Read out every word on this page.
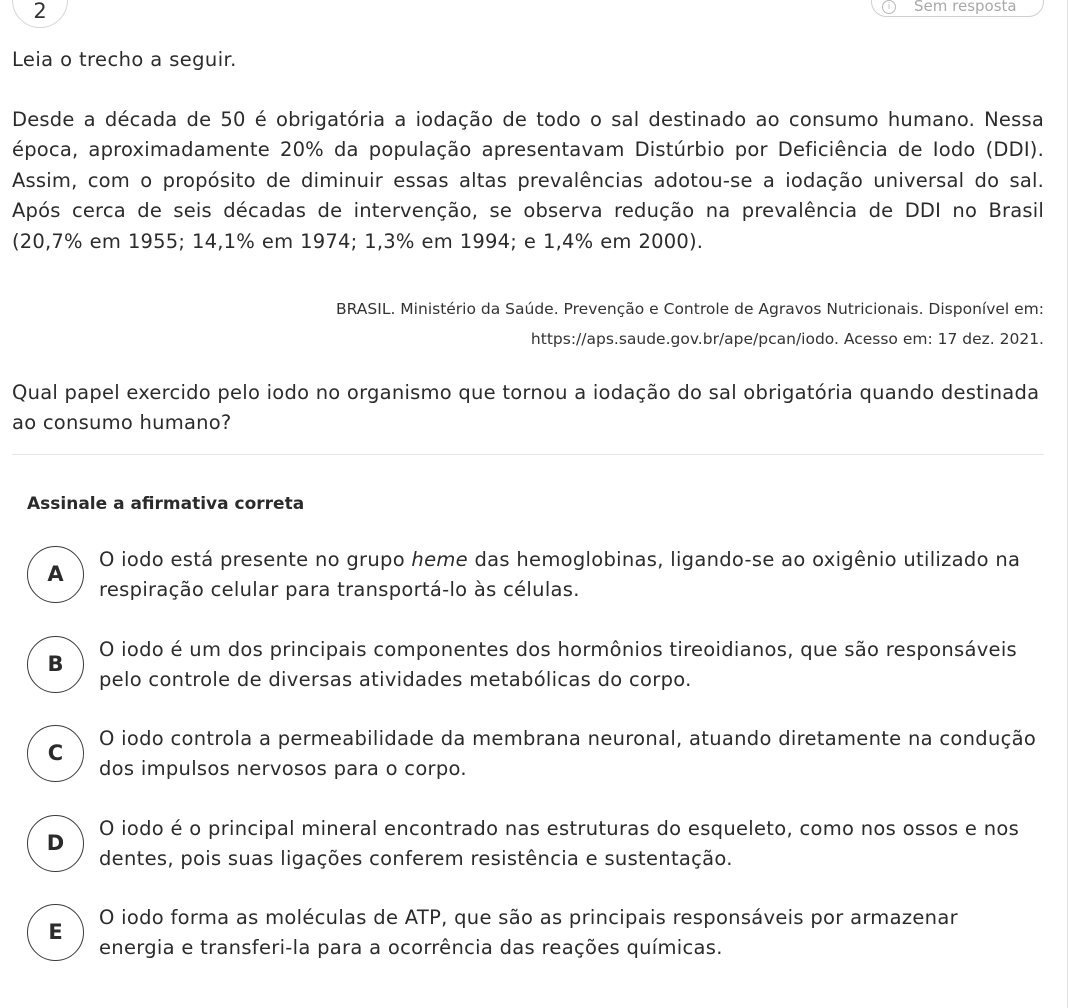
2	i	Sem resposta
Leia o trecho a seguir.
Desde a década de 50 é obrigatória a iodação de todo o sal destinado ao consumo humano. Nessa época, aproximadamente 20% da população apresentavam Distúrbio por Deficiência de Iodo (DDI). Assim, com o propósito de diminuir essas altas prevalências adotou-se a iodação universal do sal. Após cerca de seis décadas de intervenção, se observa redução na prevalência de DDI no Brasil (20,7% em 1955; 14,1% em 1974; 1,3% em 1994; e 1,4% em 2000).
BRASIL. Ministério da Saúde. Prevenção e Controle de Agravos Nutricionais. Disponível em:
https://aps.saude.gov.br/ape/pcan/iodo. Acesso em: 17 dez. 2021.
Qual papel exercido pelo iodo no organismo que tornou a iodação do sal obrigatória quando destinada ao consumo humano?
Assinale a afirmativa correta
A
O iodo está presente no grupo heme das hemoglobinas, ligando-se ao oxigênio utilizado na respiração celular para transportá-lo às células.
B
O iodo é um dos principais componentes dos hormônios tireoidianos, que são responsáveis pelo controle de diversas atividades metabólicas do corpo.
C
O iodo controla a permeabilidade da membrana neuronal, atuando diretamente na condução dos impulsos nervosos para o corpo.
D
O iodo é o principal mineral encontrado nas estruturas do esqueleto, como nos ossos e nos dentes, pois suas ligações conferem resistência e sustentação.
E
O iodo forma as moléculas de ATP, que são as principais responsáveis por armazenar energia e transferi-la para a ocorrência das reações químicas.
